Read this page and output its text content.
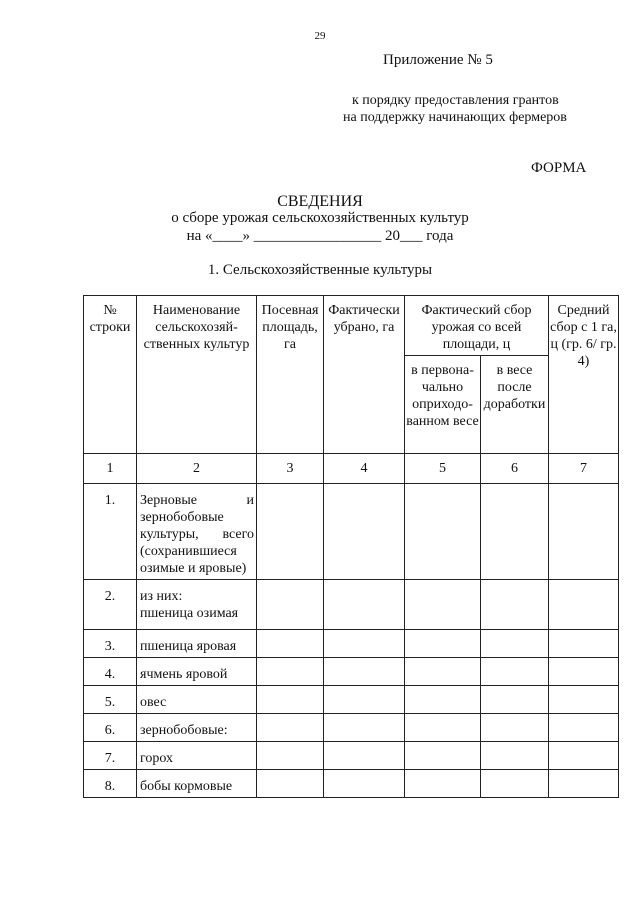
29
Приложение № 5
к порядку предоставления грантов
на поддержку начинающих фермеров
ФОРМА
СВЕДЕНИЯ
о сборе урожая сельскохозяйственных культур
на «____» _________________ 20___ года
1. Сельскохозяйственные культуры
№ строки	Наименование сельскохозяйственных культур	Посевная площадь, га	Фактически убрано, га	Фактический сбор урожая со всей площади, ц		Средний сбор с 1 га, ц (гр. 6/ гр. 4)
				в первоначально оприходованном весе	в весе после доработки	
1	2	3	4	5	6	7
1.	Зерновые и зернобобовые культуры, всего (сохранившиеся озимые и яровые)					
2.	из них:
пшеница озимая					
3.	пшеница яровая					
4.	ячмень яровой					
5.	овес					
6.	зернобобовые:					
7.	горох					
8.	бобы кормовые					
